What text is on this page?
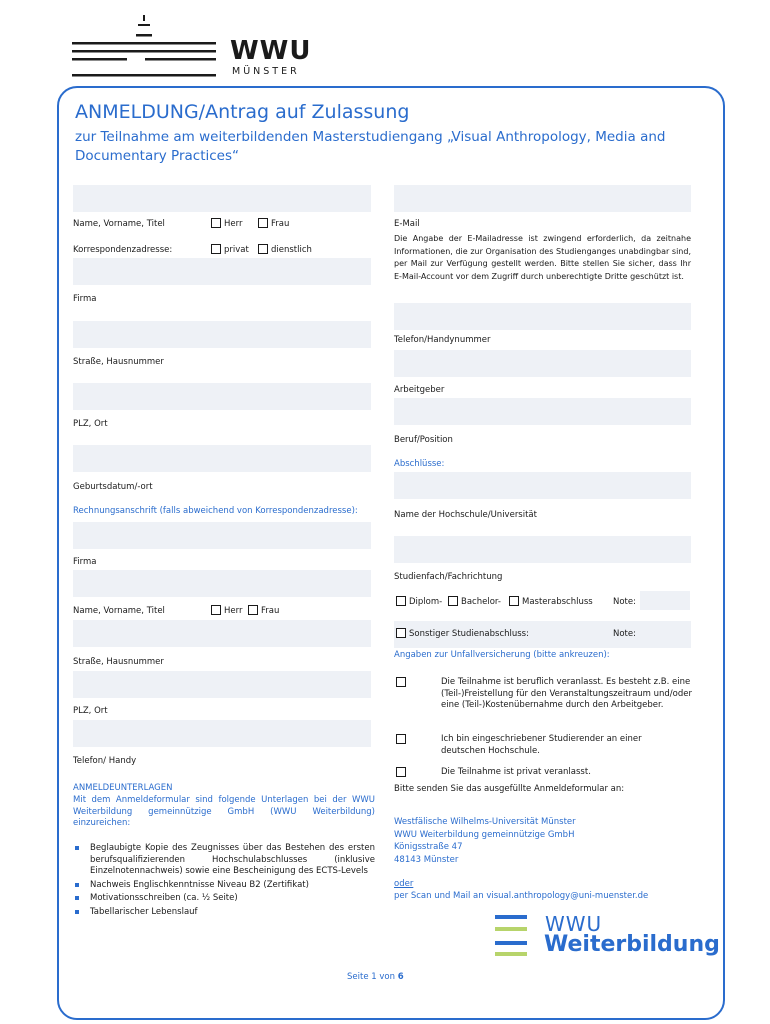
WWU
MÜNSTER
ANMELDUNG/Antrag auf Zulassung
zur Teilnahme am weiterbildenden Masterstudiengang „Visual Anthropology, Media and Documentary Practices“
Name, Vorname, Titel	Herr	Frau
Korrespondenzadresse:	privat	dienstlich
Firma
Straße, Hausnummer
PLZ, Ort
Geburtsdatum/-ort
Rechnungsanschrift (falls abweichend von Korrespondenzadresse):
Firma
Name, Vorname, Titel	Herr	Frau
Straße, Hausnummer
PLZ, Ort
Telefon/ Handy
ANMELDEUNTERLAGEN
Mit dem Anmeldeformular sind folgende Unterlagen bei der WWU Weiterbildung gemeinnützige GmbH (WWU Weiterbildung) einzureichen:
Beglaubigte Kopie des Zeugnisses über das Bestehen des ersten berufsqualifizierenden Hochschulabschlusses (inklusive Einzelnotennachweis) sowie eine Bescheinigung des ECTS-Levels
Nachweis Englischkenntnisse Niveau B2 (Zertifikat)
Motivationsschreiben (ca. ½ Seite)
Tabellarischer Lebenslauf
E-Mail
Die Angabe der E-Mailadresse ist zwingend erforderlich, da zeitnahe Informationen, die zur Organisation des Studienganges unabdingbar sind, per Mail zur Verfügung gestellt werden. Bitte stellen Sie sicher, dass Ihr E-Mail-Account vor dem Zugriff durch unberechtigte Dritte geschützt ist.
Telefon/Handynummer
Arbeitgeber
Beruf/Position
Abschlüsse:
Name der Hochschule/Universität
Studienfach/Fachrichtung
Diplom-	Bachelor-	Masterabschluss Note:
Sonstiger Studienabschluss:	Note:
Angaben zur Unfallversicherung (bitte ankreuzen):
Die Teilnahme ist beruflich veranlasst. Es besteht z.B. eine (Teil-)Freistellung für den Veranstaltungszeitraum und/oder eine (Teil-)Kostenübernahme durch den Arbeitgeber.
Ich bin eingeschriebener Studierender an einer deutschen Hochschule.
Die Teilnahme ist privat veranlasst.
Bitte senden Sie das ausgefüllte Anmeldeformular an:
Westfälische Wilhelms-Universität Münster
WWU Weiterbildung gemeinnützige GmbH
Königsstraße 47
48143 Münster
oder
per Scan und Mail an visual.anthropology@uni-muenster.de
WWU
Weiterbildung
Seite 1 von 6
